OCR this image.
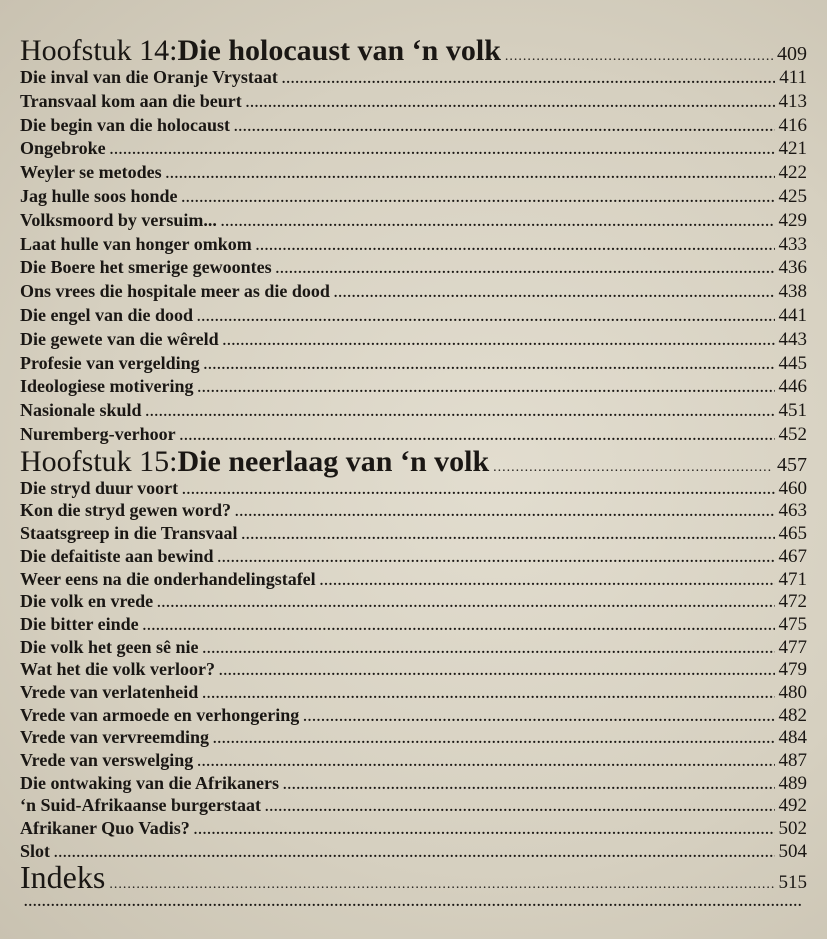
Hoofstuk 14: Die holocaust van ‘n volk .....	409
Die inval van die Oranje Vrystaat .....	411
Transvaal kom aan die beurt .....	413
Die begin van die holocaust .....	416
Ongebroke .....	421
Weyler se metodes .....	422
Jag hulle soos honde .....	425
Volksmoord by versuim... .....	429
Laat hulle van honger omkom .....	433
Die Boere het smerige gewoontes .....	436
Ons vrees die hospitale meer as die dood .....	438
Die engel van die dood .....	441
Die gewete van die wêreld .....	443
Profesie van vergelding .....	445
Ideologiese motivering .....	446
Nasionale skuld .....	451
Nuremberg-verhoor .....	452
Hoofstuk 15: Die neerlaag van ‘n volk .....	457
Die stryd duur voort .....	460
Kon die stryd gewen word? .....	463
Staatsgreep in die Transvaal .....	465
Die defaitiste aan bewind .....	467
Weer eens na die onderhandelingstafel .....	471
Die volk en vrede .....	472
Die bitter einde .....	475
Die volk het geen sê nie .....	477
Wat het die volk verloor? .....	479
Vrede van verlatenheid .....	480
Vrede van armoede en verhongering .....	482
Vrede van vervreemding .....	484
Vrede van verswelging .....	487
Die ontwaking van die Afrikaners .....	489
‘n Suid-Afrikaanse burgerstaat .....	492
Afrikaner Quo Vadis? .....	502
Slot .....	504
Indeks .....	515
.....
